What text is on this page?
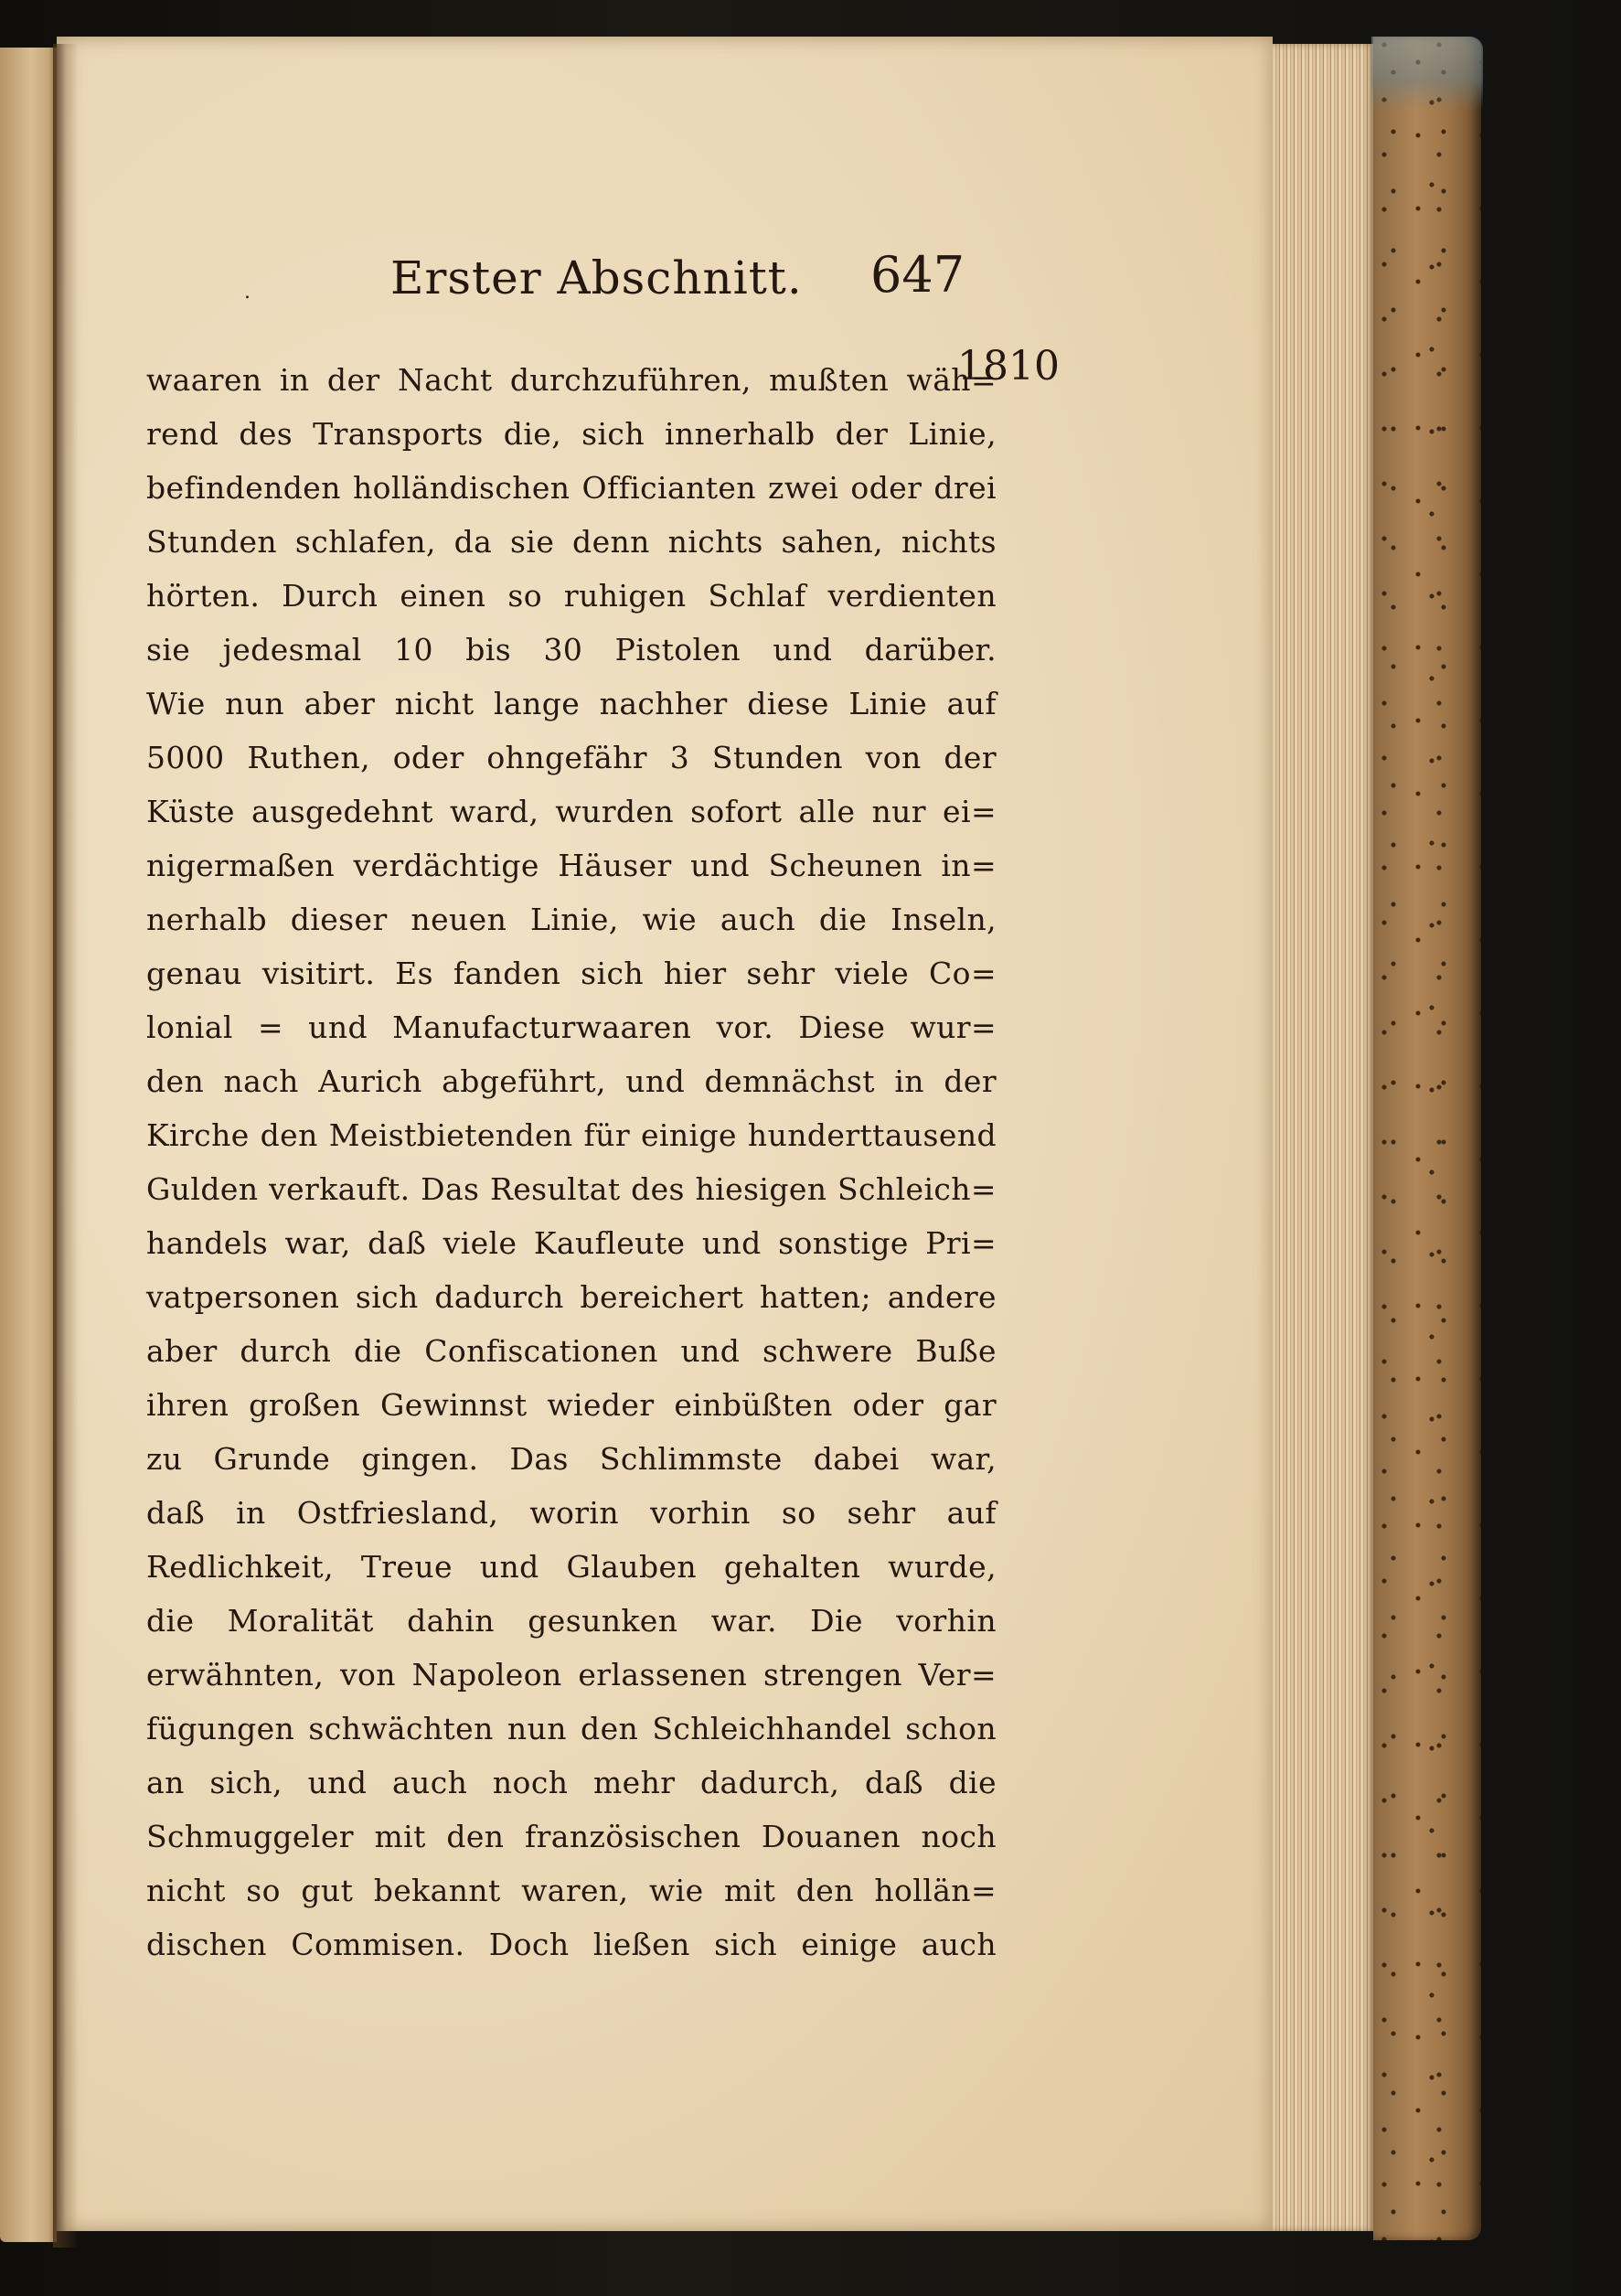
.	Erster Abschnitt. 647
1810
waaren in der Nacht durchzuführen, mußten wäh=
rend des Transports die, sich innerhalb der Linie,
befindenden holländischen Officianten zwei oder drei
Stunden schlafen, da sie denn nichts sahen, nichts
hörten. Durch einen so ruhigen Schlaf verdienten
sie jedesmal 10 bis 30 Pistolen und darüber.
Wie nun aber nicht lange nachher diese Linie auf
5000 Ruthen, oder ohngefähr 3 Stunden von der
Küste ausgedehnt ward, wurden sofort alle nur ei=
nigermaßen verdächtige Häuser und Scheunen in=
nerhalb dieser neuen Linie, wie auch die Inseln,
genau visitirt. Es fanden sich hier sehr viele Co=
lonial = und Manufacturwaaren vor. Diese wur=
den nach Aurich abgeführt, und demnächst in der
Kirche den Meistbietenden für einige hunderttausend
Gulden verkauft. Das Resultat des hiesigen Schleich=
handels war, daß viele Kaufleute und sonstige Pri=
vatpersonen sich dadurch bereichert hatten; andere
aber durch die Confiscationen und schwere Buße
ihren großen Gewinnst wieder einbüßten oder gar
zu Grunde gingen. Das Schlimmste dabei war,
daß in Ostfriesland, worin vorhin so sehr auf
Redlichkeit, Treue und Glauben gehalten wurde,
die Moralität dahin gesunken war. Die vorhin
erwähnten, von Napoleon erlassenen strengen Ver=
fügungen schwächten nun den Schleichhandel schon
an sich, und auch noch mehr dadurch, daß die
Schmuggeler mit den französischen Douanen noch
nicht so gut bekannt waren, wie mit den hollän=
dischen Commisen. Doch ließen sich einige auch
